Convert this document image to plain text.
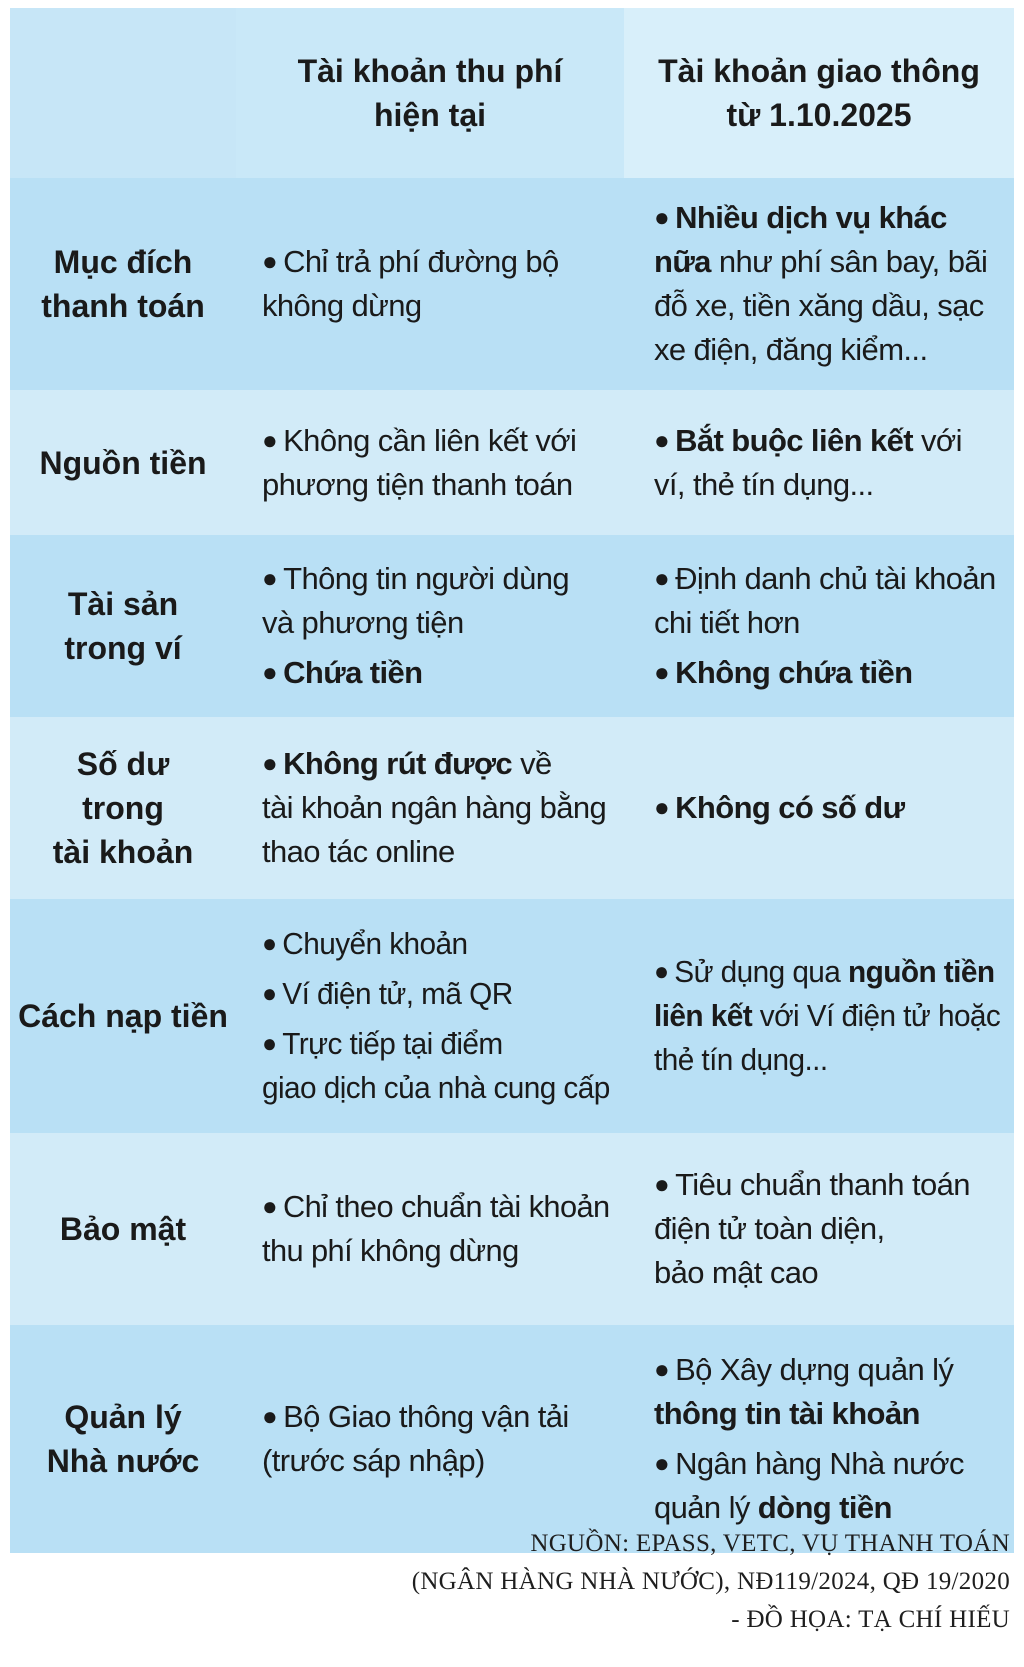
Tài khoản thu phí
hiện tại
Tài khoản giao thông
từ 1.10.2025
Mục đích
thanh toán
● Chỉ trả phí đường bộ
không dừng
● Nhiều dịch vụ khác
nữa như phí sân bay, bãi
đỗ xe, tiền xăng dầu, sạc
xe điện, đăng kiểm...
Nguồn tiền
● Không cần liên kết với
phương tiện thanh toán
● Bắt buộc liên kết với
ví, thẻ tín dụng...
Tài sản
trong ví
● Thông tin người dùng
và phương tiện
● Chứa tiền
● Định danh chủ tài khoản
chi tiết hơn
● Không chứa tiền
Số dư
trong
tài khoản
● Không rút được về
tài khoản ngân hàng bằng
thao tác online
● Không có số dư
Cách nạp tiền
● Chuyển khoản
● Ví điện tử, mã QR
● Trực tiếp tại điểm
giao dịch của nhà cung cấp
● Sử dụng qua nguồn tiền
liên kết với Ví điện tử hoặc
thẻ tín dụng...
Bảo mật
● Chỉ theo chuẩn tài khoản
thu phí không dừng
● Tiêu chuẩn thanh toán
điện tử toàn diện,
bảo mật cao
Quản lý
Nhà nước
● Bộ Giao thông vận tải
(trước sáp nhập)
● Bộ Xây dựng quản lý
thông tin tài khoản
● Ngân hàng Nhà nước
quản lý dòng tiền
NGUỒN: EPASS, VETC, VỤ THANH TOÁN
(NGÂN HÀNG NHÀ NƯỚC), NĐ119/2024, QĐ 19/2020
- ĐỒ HỌA: TẠ CHÍ HIẾU
